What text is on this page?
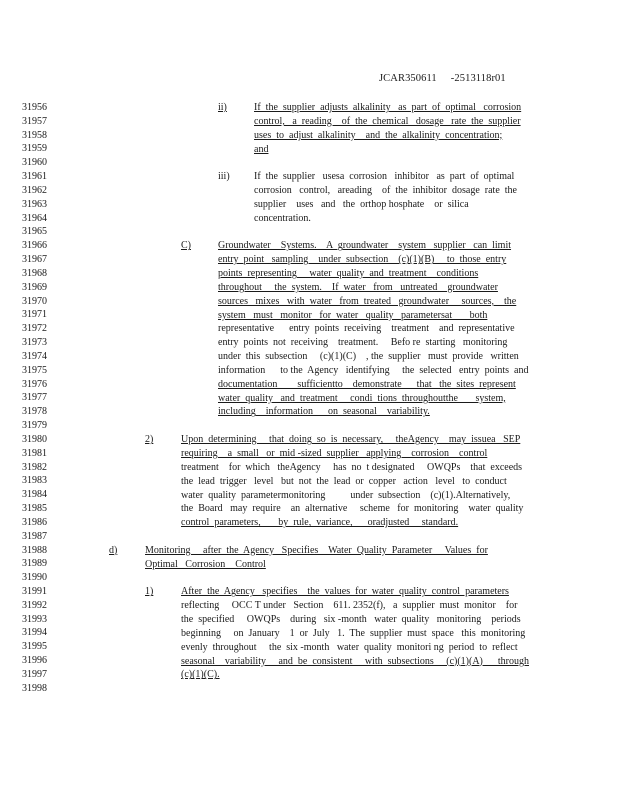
JCAR350611 -2513118r01
31956
31957
31958
31959
31960
31961
31962
31963
31964
31965
31966
31967
31968
31969
31970
31971
31972
31973
31974
31975
31976
31977
31978
31979
31980
31981
31982
31983
31984
31985
31986
31987
31988
31989
31990
31991
31992
31993
31994
31995
31996
31997
31998
ii)	If  the  supplier  adjusts  alkalinity   as  part  of  optimal   corrosion
control,   a  reading    of  the  chemical   dosage   rate  the  supplier
uses  to  adjust  alkalinity    and  the  alkalinity  concentration;
and
iii) If  the  supplier   usesa  corrosion   inhibitor   as  part  of  optimal
corrosion   control,   areading    of  the  inhibitor  dosage  rate  the
supplier    uses   and   the  orthop hosphate    or  silica
concentration.
C)	Groundwater    Systems.    A  groundwater    system   supplier   can  limit
entry  point   sampling    under  subsection    (c)(1)(B)     to  those  entry
points  representing     water  quality  and  treatment    conditions
throughout     the  system.    If  water   from   untreated    groundwater
sources   mixes   with  water   from  treated   groundwater     sources,    the
system   must   monitor   for  water   quality   parametersat       both
representative      entry  points  receiving    treatment    and  representative
entry  points  not  receiving    treatment.     Befo re  starting   monitoring
under  this  subsection     (c)(1)(C)    , the  supplier   must  provide   written
information      to the  Agency   identifying     the  selected   entry  points  and
documentation        sufficientto    demonstrate      that   the  sites  represent
water  quality   and  treatment     condi  tions  throughoutthe       system,
including    information      on  seasonal    variability.
2)	Upon  determining     that  doing  so  is  necessary,     theAgency    may  issuea   SEP
requiring    a  small   or  mid -sized  supplier   applying    corrosion    control
treatment    for  which   theAgency     has  no  t designated     OWQPs    that  exceeds
the  lead  trigger   level   but  not  the  lead  or  copper   action   level   to  conduct
water  quality  parametermonitoring          under  subsection    (c)(1).Alternatively,
the  Board   may  require    an  alternative     scheme   for  monitoring    water  quality
control  parameters,       by  rule,  variance,      oradjusted     standard.
d)	Monitoring     after  the  Agency   Specifies    Water  Quality  Parameter     Values  for
Optimal   Corrosion    Control
1)	After  the  Agency   specifies    the  values  for  water  quality  control  parameters
reflecting     OCC T under   Section    611. 2352(f),   a  supplier  must  monitor    for
the  specified     OWQPs    during   six -month   water  quality   monitoring    periods
beginning     on  January    1  or  July   1.  The  supplier  must  space   this  monitoring
evenly  throughout     the  six -month   water  quality  monitori ng  period  to  reflect
seasonal    variability     and  be  consistent     with  subsections     (c)(1)(A)      through
(c)(1)(C).
